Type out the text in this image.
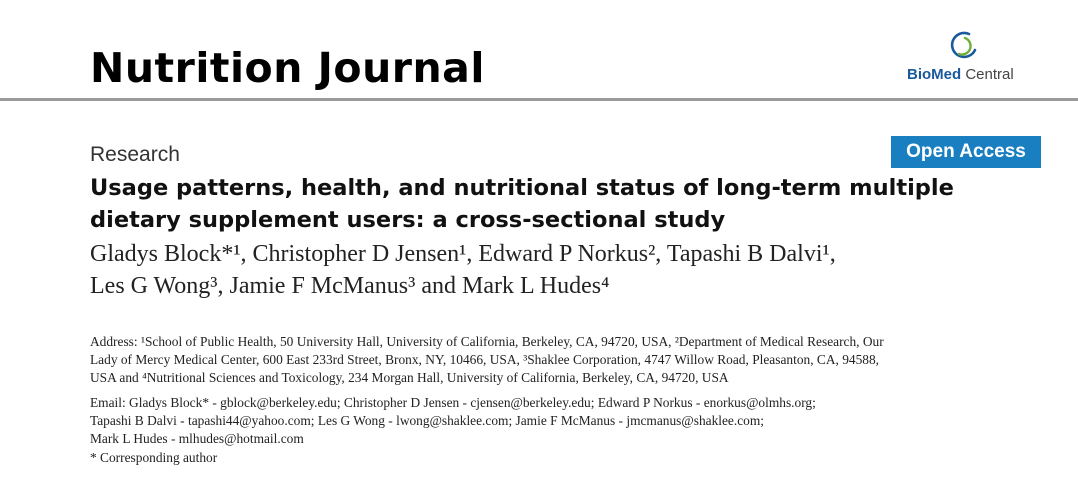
Nutrition Journal	BioMed Central
Research	Open Access
Usage patterns, health, and nutritional status of long-term multiple
dietary supplement users: a cross-sectional study
Gladys Block*¹, Christopher D Jensen¹, Edward P Norkus², Tapashi B Dalvi¹,
Les G Wong³, Jamie F McManus³ and Mark L Hudes⁴
Address: ¹School of Public Health, 50 University Hall, University of California, Berkeley, CA, 94720, USA, ²Department of Medical Research, Our
Lady of Mercy Medical Center, 600 East 233rd Street, Bronx, NY, 10466, USA, ³Shaklee Corporation, 4747 Willow Road, Pleasanton, CA, 94588,
USA and ⁴Nutritional Sciences and Toxicology, 234 Morgan Hall, University of California, Berkeley, CA, 94720, USA
Email: Gladys Block* - gblock@berkeley.edu; Christopher D Jensen - cjensen@berkeley.edu; Edward P Norkus - enorkus@olmhs.org;
Tapashi B Dalvi - tapashi44@yahoo.com; Les G Wong - lwong@shaklee.com; Jamie F McManus - jmcmanus@shaklee.com;
Mark L Hudes - mlhudes@hotmail.com
* Corresponding author
